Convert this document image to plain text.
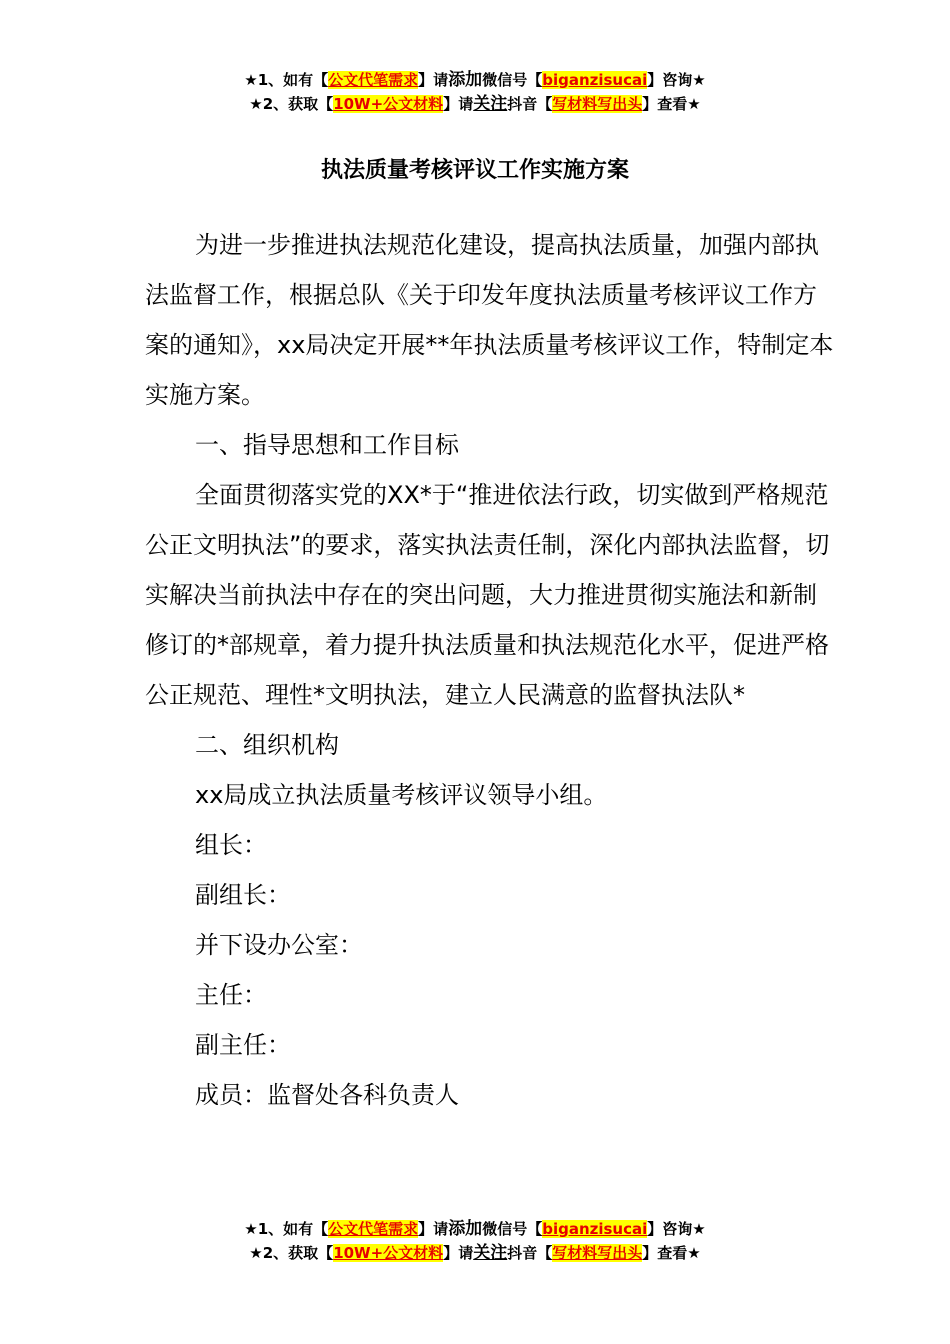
★1、如有【公文代笔需求】请添加微信号【biganzisucai】咨询★
★2、获取【10W+公文材料】请关注抖音【写材料写出头】查看★
执法质量考核评议工作实施方案

为进一步推进执法规范化建设，提高执法质量，加强内部执法监督工作，根据总队《关于印发年度执法质量考核评议工作方案的通知》，xx局决定开展**年执法质量考核评议工作，特制定本实施方案。

一、指导思想和工作目标

全面贯彻落实党的XX*于“推进依法行政，切实做到严格规范公正文明执法”的要求，落实执法责任制，深化内部执法监督，切实解决当前执法中存在的突出问题，大力推进贯彻实施法和新制修订的*部规章，着力提升执法质量和执法规范化水平，促进严格公正规范、理性*文明执法，建立人民满意的监督执法队*

二、组织机构

xx局成立执法质量考核评议领导小组。

组长：

副组长：

并下设办公室：

主任：

副主任：

成员：监督处各科负责人

★1、如有【公文代笔需求】请添加微信号【biganzisucai】咨询★
★2、获取【10W+公文材料】请关注抖音【写材料写出头】查看★
